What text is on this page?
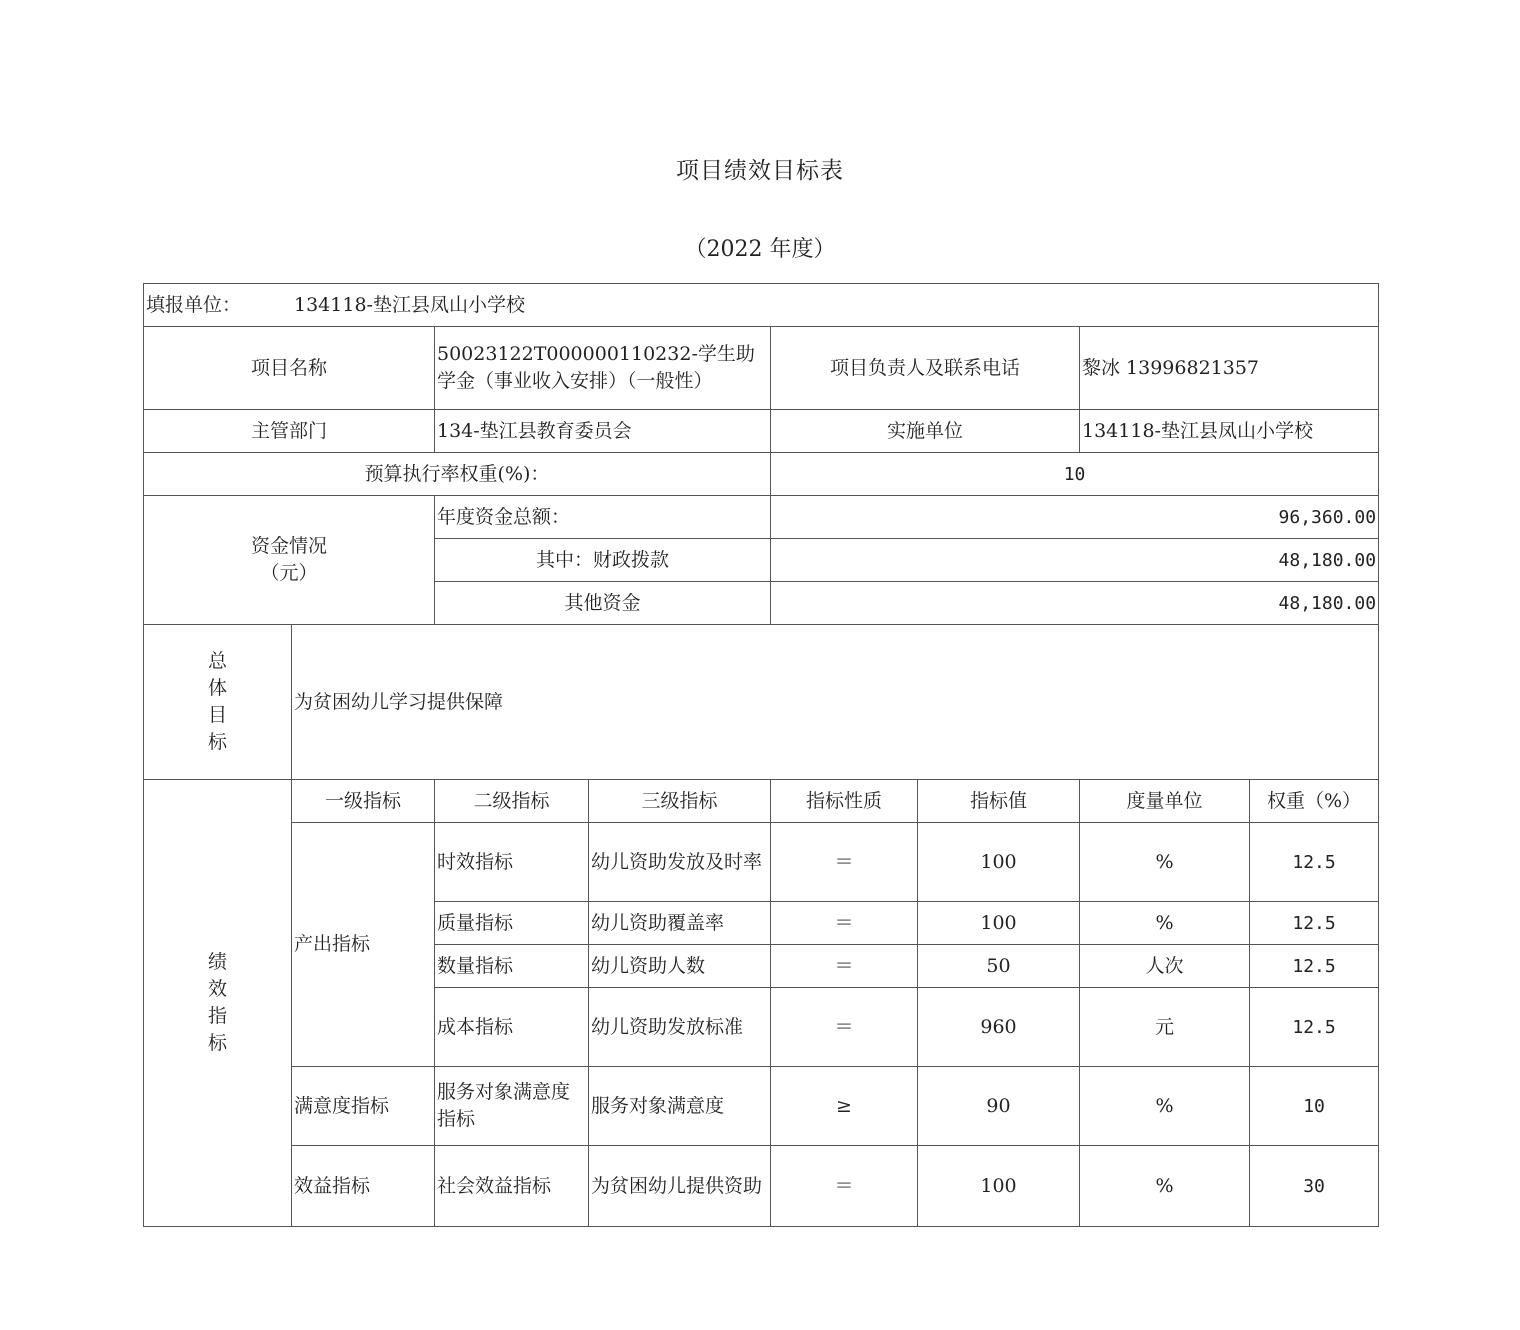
项目绩效目标表
（2022 年度）
填报单位： 134118-垫江县凤山小学校							
项目名称		50023122T000000110232-学生助学金（事业收入安排）（一般性）		项目负责人及联系电话		黎冰 13996821357	
主管部门		134-垫江县教育委员会		实施单位		134118-垫江县凤山小学校	
预算执行率权重(%)：				10			

资金情况
（元）		年度资金总额：		96,360.00			
		其中：财政拨款		48,180.00			
		其他资金		48,180.00			

总
体
目
标	为贫困幼儿学习提供保障						

绩
效
指
标	一级指标	二级指标	三级指标	指标性质	指标值	度量单位	权重（%）
	产出指标	时效指标	幼儿资助发放及时率	＝	100	%	12.5
		质量指标	幼儿资助覆盖率	＝	100	%	12.5
		数量指标	幼儿资助人数	＝	50	人次	12.5
		成本指标	幼儿资助发放标准	＝	960	元	12.5
	满意度指标	服务对象满意度指标	服务对象满意度	≥	90	%	10
	效益指标	社会效益指标	为贫困幼儿提供资助	＝	100	%	30
